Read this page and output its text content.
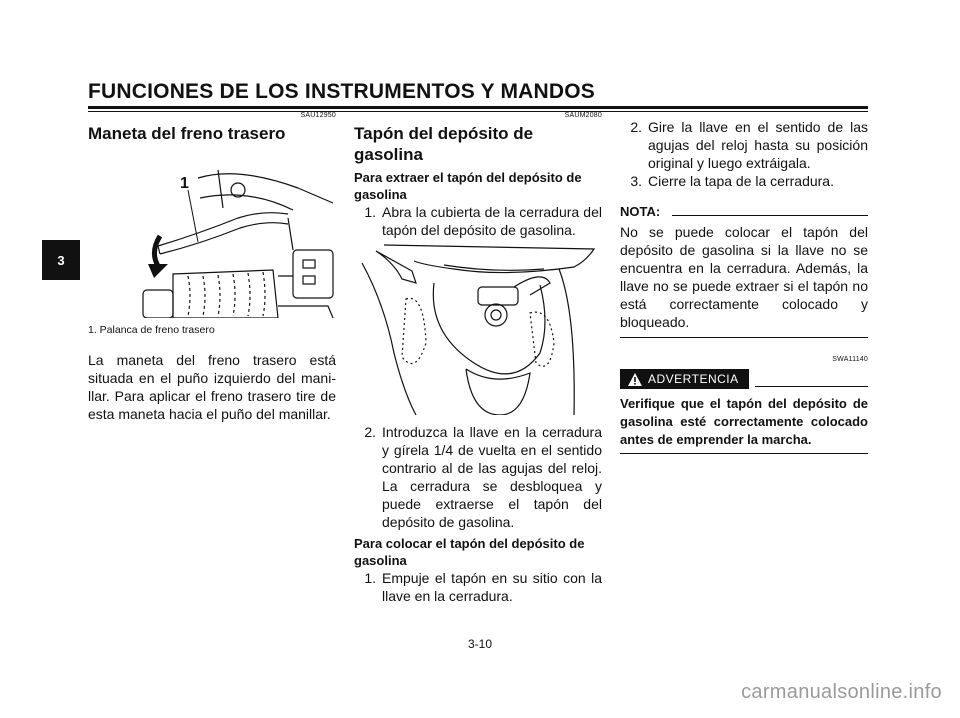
FUNCIONES DE LOS INSTRUMENTOS Y MANDOS
3
SAU12950
Maneta del freno trasero
1
1. Palanca de freno trasero
La maneta del freno trasero está situada en el puño izquierdo del manillar. Para aplicar el freno trasero tire de esta maneta hacia el puño del manillar.
SAUM2080
Tapón del depósito de gasolina
Para extraer el tapón del depósito de gasolina
1. Abra la cubierta de la cerradura del tapón del depósito de gasolina.
2. Introduzca la llave en la cerradura y gírela 1/4 de vuelta en el sentido contrario al de las agujas del reloj. La cerradura se desbloquea y puede extraerse el tapón del depósito de gasolina.
Para colocar el tapón del depósito de gasolina
1. Empuje el tapón en su sitio con la llave en la cerradura.
2. Gire la llave en el sentido de las agujas del reloj hasta su posición original y luego extráigala.
3. Cierre la tapa de la cerradura.
NOTA:
No se puede colocar el tapón del depósito de gasolina si la llave no se encuentra en la cerradura. Además, la llave no se puede extraer si el tapón no está correctamente colocado y bloqueado.
SWA11140
ADVERTENCIA
Verifique que el tapón del depósito de gasolina esté correctamente colocado antes de emprender la marcha.
3-10
carmanualsonline.info
